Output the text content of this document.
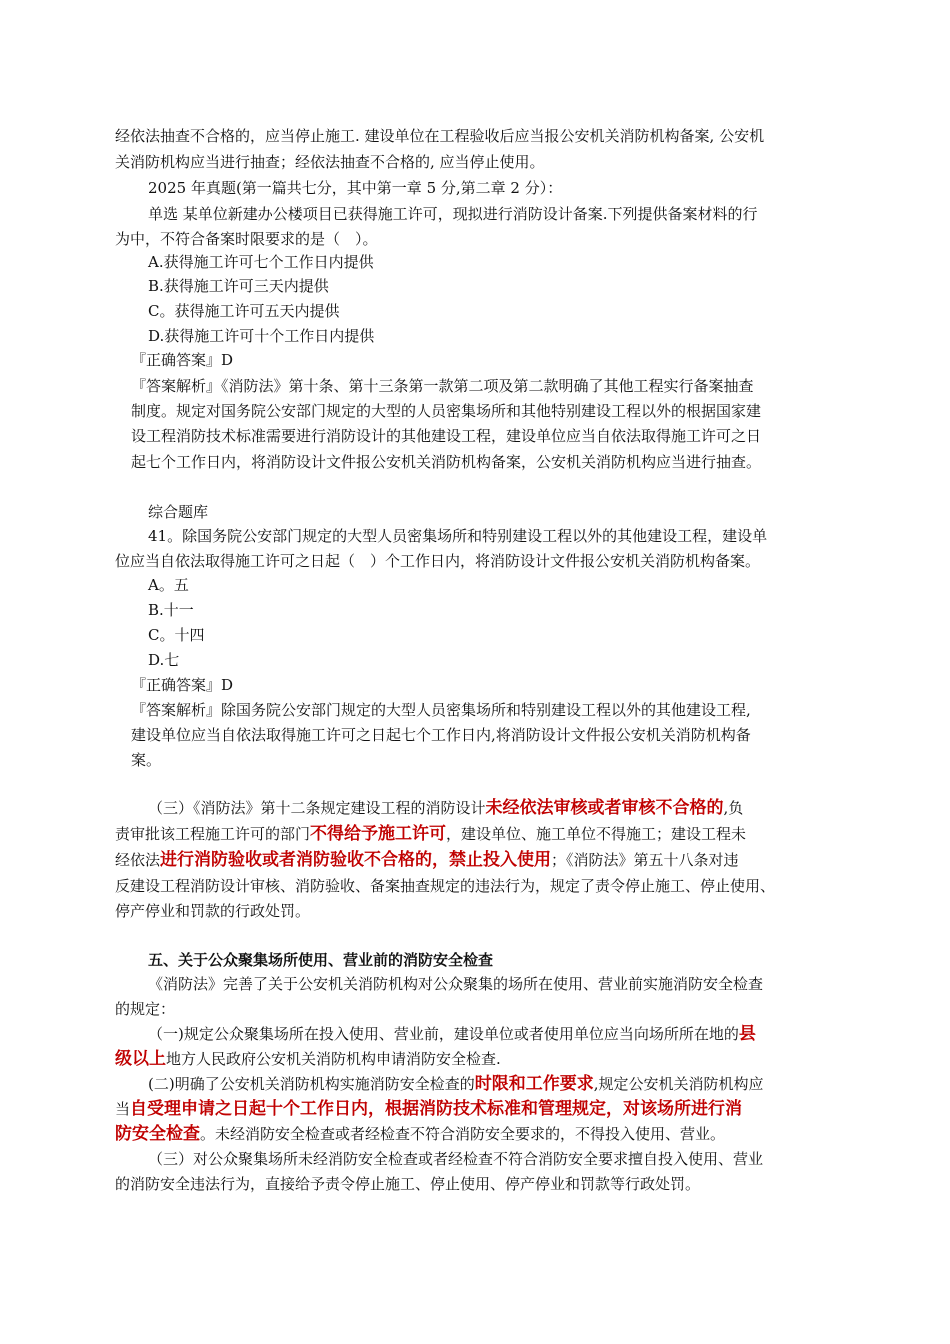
经依法抽查不合格的，应当停止施工. 建设单位在工程验收后应当报公安机关消防机构备案, 公安机
关消防机构应当进行抽查；经依法抽查不合格的, 应当停止使用。
2025 年真题(第一篇共七分，其中第一章 5 分,第二章 2 分）：
单选 某单位新建办公楼项目已获得施工许可，现拟进行消防设计备案.下列提供备案材料的行
为中，不符合备案时限要求的是（　）。
A.获得施工许可七个工作日内提供
B.获得施工许可三天内提供
C。获得施工许可五天内提供
D.获得施工许可十个工作日内提供
『正确答案』D
『答案解析』《消防法》第十条、第十三条第一款第二项及第二款明确了其他工程实行备案抽查
制度。规定对国务院公安部门规定的大型的人员密集场所和其他特别建设工程以外的根据国家建
设工程消防技术标准需要进行消防设计的其他建设工程，建设单位应当自依法取得施工许可之日
起七个工作日内，将消防设计文件报公安机关消防机构备案，公安机关消防机构应当进行抽查。
综合题库
41。除国务院公安部门规定的大型人员密集场所和特别建设工程以外的其他建设工程，建设单
位应当自依法取得施工许可之日起（　）个工作日内，将消防设计文件报公安机关消防机构备案。
A。五
B.十一
C。十四
D.七
『正确答案』D
『答案解析』除国务院公安部门规定的大型人员密集场所和特别建设工程以外的其他建设工程,
建设单位应当自依法取得施工许可之日起七个工作日内,将消防设计文件报公安机关消防机构备
案。
（三）《消防法》第十二条规定建设工程的消防设计未经依法审核或者审核不合格的,负
责审批该工程施工许可的部门不得给予施工许可，建设单位、施工单位不得施工；建设工程未
经依法进行消防验收或者消防验收不合格的，禁止投入使用；《消防法》第五十八条对违
反建设工程消防设计审核、消防验收、备案抽查规定的违法行为，规定了责令停止施工、停止使用、
停产停业和罚款的行政处罚。
五、关于公众聚集场所使用、营业前的消防安全检查
《消防法》完善了关于公安机关消防机构对公众聚集的场所在使用、营业前实施消防安全检查
的规定：
（一)规定公众聚集场所在投入使用、营业前，建设单位或者使用单位应当向场所所在地的县
级以上地方人民政府公安机关消防机构申请消防安全检查.
(二)明确了公安机关消防机构实施消防安全检查的时限和工作要求,规定公安机关消防机构应
当自受理申请之日起十个工作日内，根据消防技术标准和管理规定，对该场所进行消
防安全检查。未经消防安全检查或者经检查不符合消防安全要求的，不得投入使用、营业。
（三）对公众聚集场所未经消防安全检查或者经检查不符合消防安全要求擅自投入使用、营业
的消防安全违法行为，直接给予责令停止施工、停止使用、停产停业和罚款等行政处罚。
